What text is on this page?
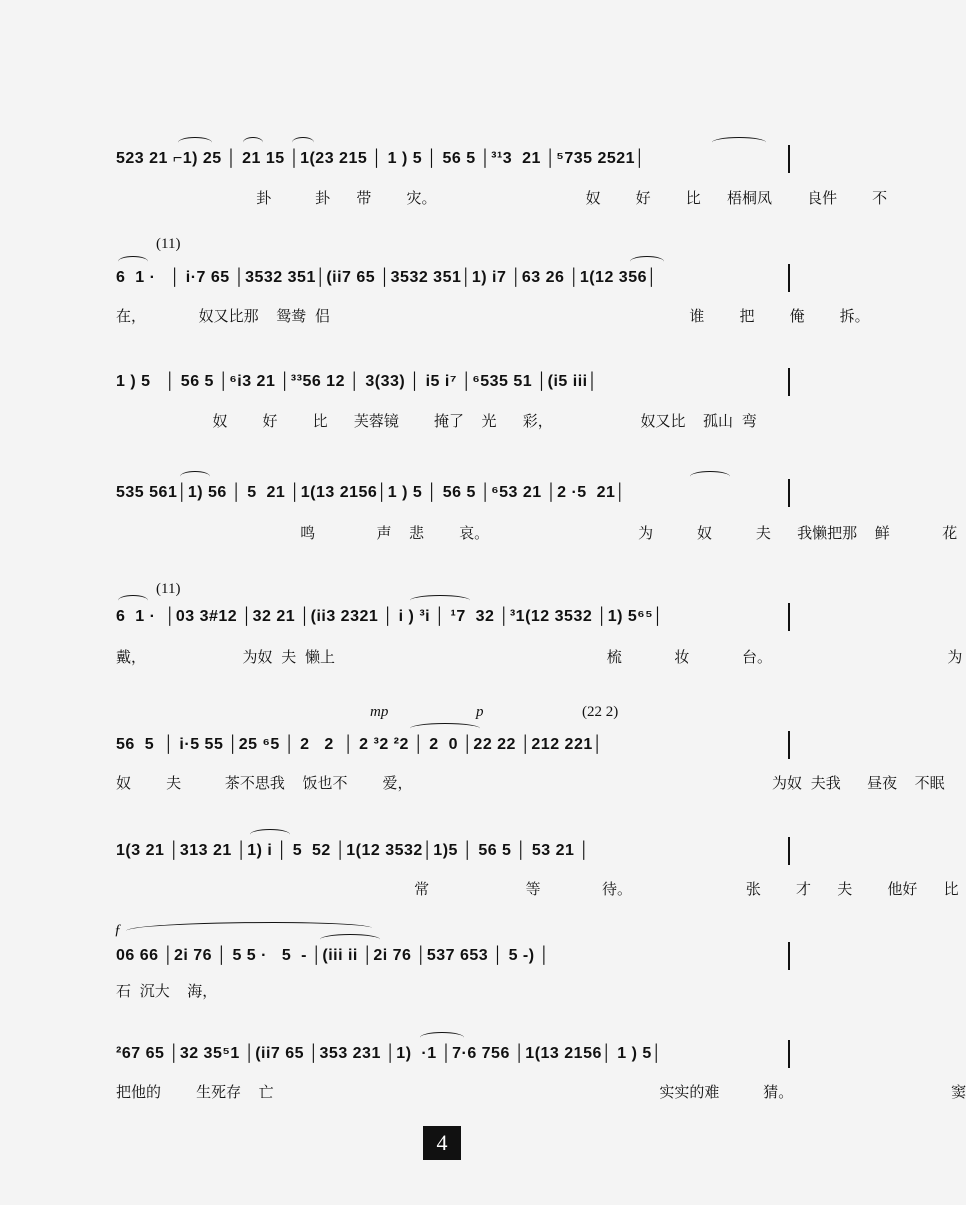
523 21 ⌐1) 25 │ 21 15 │1(23 215 │ 1 ) 5 │ 56 5 │³¹3  21 │⁵735 2521│
卦     卦   带    灾。                 奴    好    比   梧桐凤    良件    不
(11)
6  1 ·   │ i·7 65 │3532 351│(ii7 65 │3532 351│1) i7 │63 26 │1(12 356│
在，      奴又比那  鸳鸯 侣                                         谁    把    俺    拆。
1 ) 5   │ 56 5 │⁶i3 21 │³³56 12 │ 3(33) │ i5 i⁷ │⁶535 51 │(i5 iii│
奴    好    比   芙蓉镜    掩了  光   彩，          奴又比  孤山 弯
535 561│1) 56 │ 5  21 │1(13 2156│1 ) 5 │ 56 5 │⁶53 21 │2 ·5  21│
鸣       声  悲    哀。                 为     奴     夫   我懒把那  鲜      花
(11)
6  1 ·  │03 3#12 │32 21 │(ii3 2321 │ i ) ³i │ ¹7  32 │³1(12 3532 │1) 5⁶⁵│
戴，           为奴 夫 懒上                               梳      妆      台。                    为
mp	p	(22 2)
56  5  │ i·5 55 │25 ⁶5 │ 2   2  │ 2 ³2 ²2 │ 2  0 │22 22 │212 221│
奴    夫     茶不思我  饭也不    爱，                                         为奴 夫我   昼夜  不眠
1(3 21 │313 21 │1) i │ 5  52 │1(12 3532│1)5 │ 56 5 │ 53 21 │
常           等       待。             张    才   夫    他好   比
ƒ
06 66 │2i 76 │ 5 5 ·   5  - │(iii ii │2i 76 │537 653 │ 5 -) │
石 沉大  海，
²67 65 │32 35⁵1 │(ii7 65 │353 231 │1)  ·1 │7·6 756 │1(13 2156│ 1 ) 5│
把他的    生死存  亡                                            实实的难     猜。                  窦
4
